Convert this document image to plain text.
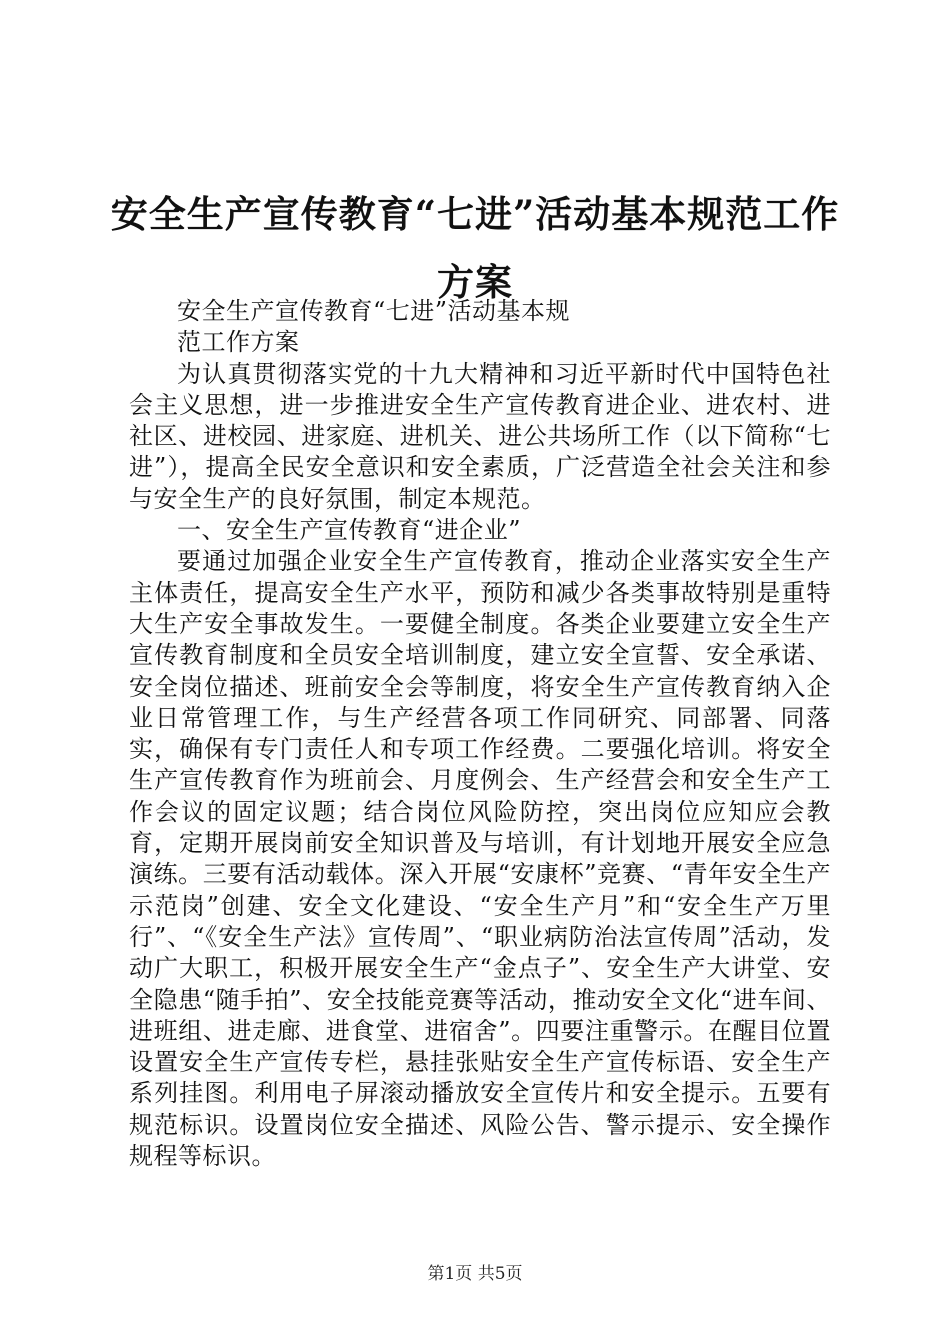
安全生产宣传教育“七进”活动基本规范工作方案

安全生产宣传教育“七进”活动基本规

范工作方案

为认真贯彻落实党的十九大精神和习近平新时代中国特色社会主义思想，进一步推进安全生产宣传教育进企业、进农村、进社区、进校园、进家庭、进机关、进公共场所工作（以下简称“七进”），提高全民安全意识和安全素质，广泛营造全社会关注和参与安全生产的良好氛围，制定本规范。

一、安全生产宣传教育“进企业”

要通过加强企业安全生产宣传教育，推动企业落实安全生产主体责任，提高安全生产水平，预防和减少各类事故特别是重特大生产安全事故发生。一要健全制度。各类企业要建立安全生产宣传教育制度和全员安全培训制度，建立安全宣誓、安全承诺、安全岗位描述、班前安全会等制度，将安全生产宣传教育纳入企业日常管理工作，与生产经营各项工作同研究、同部署、同落实，确保有专门责任人和专项工作经费。二要强化培训。将安全生产宣传教育作为班前会、月度例会、生产经营会和安全生产工作会议的固定议题；结合岗位风险防控，突出岗位应知应会教育，定期开展岗前安全知识普及与培训，有计划地开展安全应急演练。三要有活动载体。深入开展“安康杯”竞赛、“青年安全生产示范岗”创建、安全文化建设、“安全生产月”和“安全生产万里行”、“《安全生产法》宣传周”、“职业病防治法宣传周”活动，发动广大职工，积极开展安全生产“金点子”、安全生产大讲堂、安全隐患“随手拍”、安全技能竞赛等活动，推动安全文化“进车间、进班组、进走廊、进食堂、进宿舍”。四要注重警示。在醒目位置设置安全生产宣传专栏，悬挂张贴安全生产宣传标语、安全生产系列挂图。利用电子屏滚动播放安全宣传片和安全提示。五要有规范标识。设置岗位安全描述、风险公告、警示提示、安全操作规程等标识。

第1页 共5页
